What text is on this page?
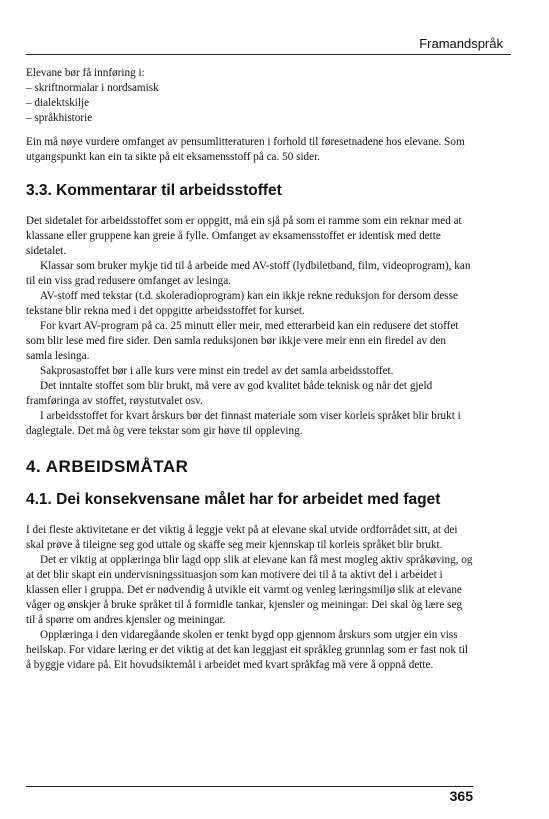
Framandspråk

Elevane bør få innføring i:

– skriftnormalar i nordsamisk
– dialektskilje
– språkhistorie

Ein må nøye vurdere omfanget av pensumlitteraturen i forhold til føresetnadene hos elevane. Som utgangspunkt kan ein ta sikte på eit eksamensstoff på ca. 50 sider.

3.3. Kommentarar til arbeidsstoffet

Det sidetalet for arbeidsstoffet som er oppgitt, må ein sjå på som ei ramme som ein reknar med at klassane eller gruppene kan greie å fylle. Omfanget av eksamensstoffet er identisk med dette sidetalet.

Klassar som bruker mykje tid til å arbeide med AV-stoff (lydbiletband, film, videoprogram), kan til ein viss grad redusere omfanget av lesinga.

AV-stoff med tekstar (t.d. skoleradioprogram) kan ein ikkje rekne reduksjon for dersom desse tekstane blir rekna med i det oppgitte arbeidsstoffet for kurset.

For kvart AV-program på ca. 25 minutt eller meir, med etterarbeid kan ein redusere det stoffet som blir lese med fire sider. Den samla reduksjonen bør ikkje vere meir enn ein firedel av den samla lesinga.

Sakprosastoffet bør i alle kurs vere minst ein tredel av det samla arbeidsstoffet.

Det inntalte stoffet som blir brukt, må vere av god kvalitet både teknisk og når det gjeld framføringa av stoffet, røystutvalet osv.

I arbeidsstoffet for kvart årskurs bør det finnast materiale som viser korleis språket blir brukt i daglegtale. Det må òg vere tekstar som gir høve til oppleving.

4. ARBEIDSMÅTAR
4.1. Dei konsekvensane målet har for arbeidet med faget

I dei fleste aktivitetane er det viktig å leggje vekt på at elevane skal utvide ordforrådet sitt, at dei skal prøve å tileigne seg god uttale og skaffe seg meir kjennskap til korleis språket blir brukt.

Det er viktig at opplæringa blir lagd opp slik at elevane kan få mest mogleg aktiv språkøving, og at det blir skapt ein undervisningssituasjon som kan motivere dei til å ta aktivt del i arbeidet i klassen eller i gruppa. Det er nødvendig å utvikle eit varmt og venleg læringsmiljø slik at elevane våger og ønskjer å bruke språket til å formidle tankar, kjensler og meiningar. Dei skal òg lære seg til å spørre om andres kjensler og meiningar.

Opplæringa i den vidaregåande skolen er tenkt bygd opp gjennom årskurs som utgjer ein viss heilskap. For vidare læring er det viktig at det kan leggjast eit språkleg grunnlag som er fast nok til å byggje vidare på. Eit hovudsiktemål i arbeidet med kvart språkfag må vere å oppnå dette.

365
